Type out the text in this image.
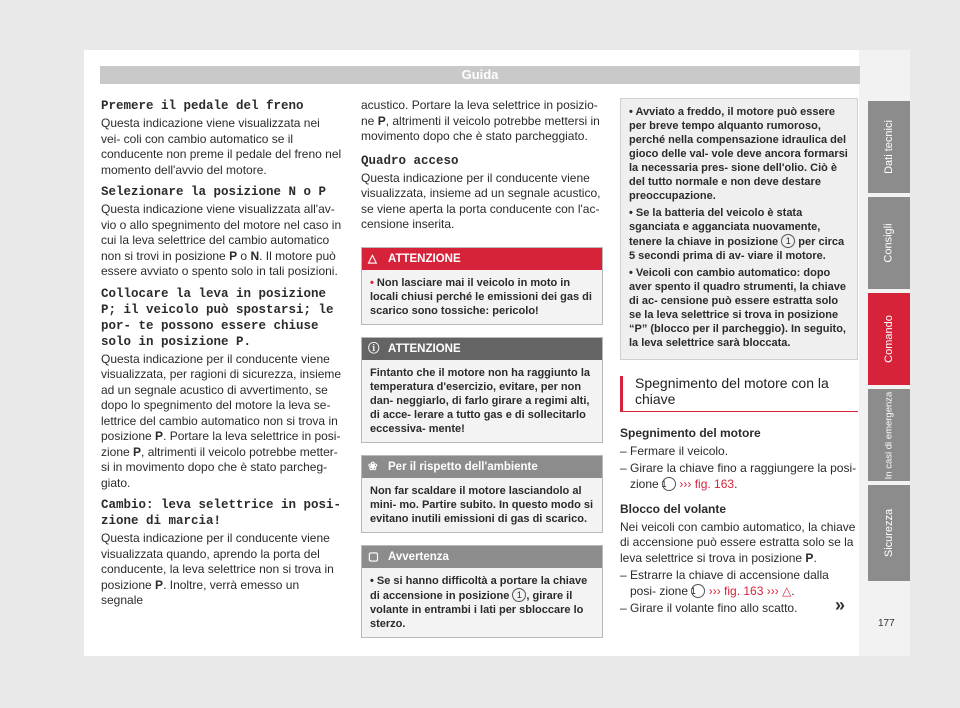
Guida
Premere il pedale del freno
Questa indicazione viene visualizzata nei vei- coli con cambio automatico se il conducente non preme il pedale del freno nel momento dell'avvio del motore.
Selezionare la posizione N o P
Questa indicazione viene visualizzata all'av- vio o allo spegnimento del motore nel caso in cui la leva selettrice del cambio automatico non si trovi in posizione P o N. Il motore può essere avviato o spento solo in tali posizioni.
Collocare la leva in posizione P; il veicolo può spostarsi; le por- te possono essere chiuse solo in posizione P.
Questa indicazione per il conducente viene visualizzata, per ragioni di sicurezza, insieme ad un segnale acustico di avvertimento, se dopo lo spegnimento del motore la leva se- lettrice del cambio automatico non si trova in posizione P. Portare la leva selettrice in posi- zione P, altrimenti il veicolo potrebbe metter- si in movimento dopo che è stato parcheg- giato.
Cambio: leva selettrice in posi- zione di marcia!
Questa indicazione per il conducente viene visualizzata quando, aprendo la porta del conducente, la leva selettrice non si trova in posizione P. Inoltre, verrà emesso un segnale
acustico. Portare la leva selettrice in posizio- ne P, altrimenti il veicolo potrebbe mettersi in movimento dopo che è stato parcheggiato.
Quadro acceso
Questa indicazione per il conducente viene visualizzata, insieme ad un segnale acustico, se viene aperta la porta conducente con l'ac- censione inserita.
△ ATTENZIONE
• Non lasciare mai il veicolo in moto in locali chiusi perché le emissioni dei gas di scarico sono tossiche: pericolo!
ⓘ ATTENZIONE
Fintanto che il motore non ha raggiunto la temperatura d'esercizio, evitare, per non dan- neggiarlo, di farlo girare a regimi alti, di acce- lerare a tutto gas e di sollecitarlo eccessiva- mente!
❀ Per il rispetto dell'ambiente
Non far scaldare il motore lasciandolo al mini- mo. Partire subito. In questo modo si evitano inutili emissioni di gas di scarico.
▢ Avvertenza
• Se si hanno difficoltà a portare la chiave di accensione in posizione 1 , girare il volante in entrambi i lati per sbloccare lo sterzo.
• Avviato a freddo, il motore può essere per breve tempo alquanto rumoroso, perché nella compensazione idraulica del gioco delle val- vole deve ancora formarsi la necessaria pres- sione dell'olio. Ciò è del tutto normale e non deve destare preoccupazione.
• Se la batteria del veicolo è stata sganciata e agganciata nuovamente, tenere la chiave in posizione 1 per circa 5 secondi prima di av- viare il motore.
• Veicoli con cambio automatico: dopo aver spento il quadro strumenti, la chiave di ac- censione può essere estratta solo se la leva selettrice si trova in posizione “P” (blocco per il parcheggio). In seguito, la leva selettrice sarà bloccata.
Spegnimento del motore con la chiave
Spegnimento del motore
– Fermare il veicolo.
– Girare la chiave fino a raggiungere la posi- zione 1 ››› fig. 163.
Blocco del volante
Nei veicoli con cambio automatico, la chiave di accensione può essere estratta solo se la leva selettrice si trova in posizione P.
– Estrarre la chiave di accensione dalla posi- zione 1 ››› fig. 163 ››› △.
– Girare il volante fino allo scatto.	»
Dati tecnici
Consigli
Comando
In casi di emergenza
Sicurezza
177
